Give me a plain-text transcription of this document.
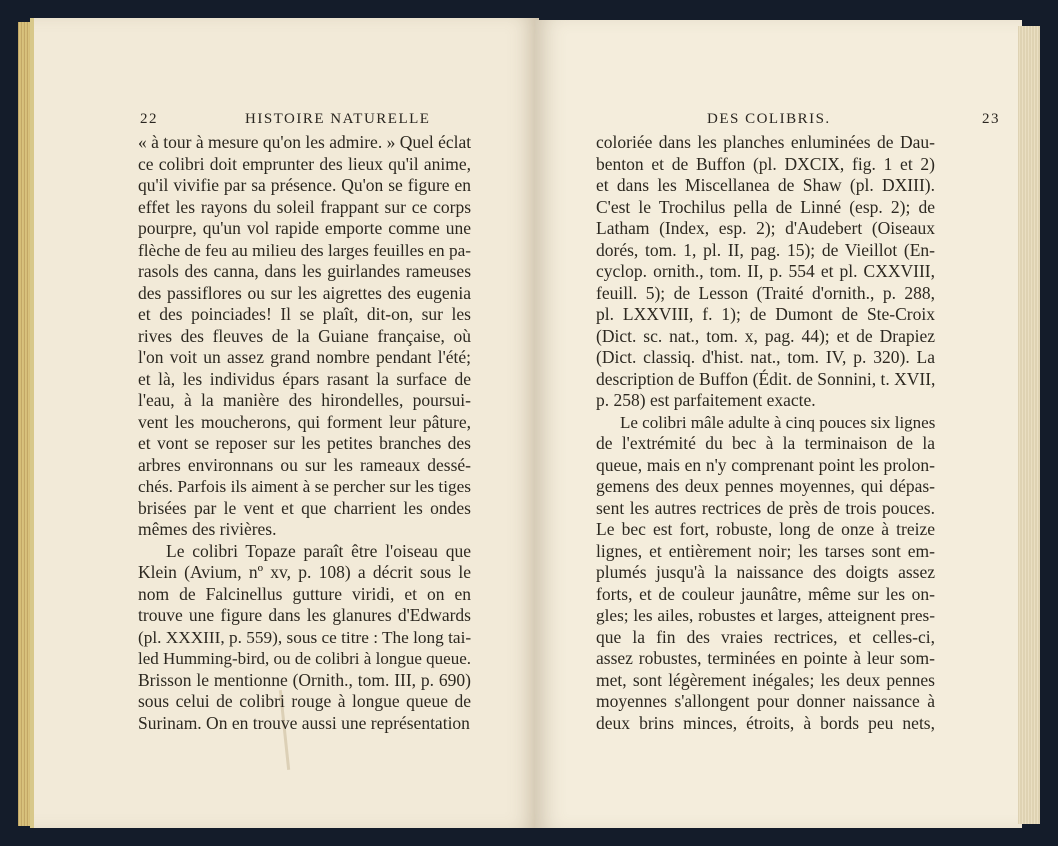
22	HISTOIRE NATURELLE	DES COLIBRIS.	23
« à tour à mesure qu'on les admire. » Quel éclat
ce colibri doit emprunter des lieux qu'il anime,
qu'il vivifie par sa présence. Qu'on se figure en
effet les rayons du soleil frappant sur ce corps
pourpre, qu'un vol rapide emporte comme une
flèche de feu au milieu des larges feuilles en pa-
rasols des canna, dans les guirlandes rameuses
des passiflores ou sur les aigrettes des eugenia
et des poinciades! Il se plaît, dit-on, sur les
rives des fleuves de la Guiane française, où
l'on voit un assez grand nombre pendant l'été;
et là, les individus épars rasant la surface de
l'eau, à la manière des hirondelles, poursui-
vent les moucherons, qui forment leur pâture,
et vont se reposer sur les petites branches des
arbres environnans ou sur les rameaux dessé-
chés. Parfois ils aiment à se percher sur les tiges
brisées par le vent et que charrient les ondes
mêmes des rivières.
Le colibri Topaze paraît être l'oiseau que
Klein (Avium, nº xv, p. 108) a décrit sous le
nom de Falcinellus gutture viridi, et on en
trouve une figure dans les glanures d'Edwards
(pl. XXXIII, p. 559), sous ce titre : The long tai-
led Humming-bird, ou de colibri à longue queue.
Brisson le mentionne (Ornith., tom. III, p. 690)
sous celui de colibri rouge à longue queue de
Surinam. On en trouve aussi une représentation
coloriée dans les planches enluminées de Dau-
benton et de Buffon (pl. DXCIX, fig. 1 et 2)
et dans les Miscellanea de Shaw (pl. DXIII).
C'est le Trochilus pella de Linné (esp. 2); de
Latham (Index, esp. 2); d'Audebert (Oiseaux
dorés, tom. 1, pl. II, pag. 15); de Vieillot (En-
cyclop. ornith., tom. II, p. 554 et pl. CXXVIII,
feuill. 5); de Lesson (Traité d'ornith., p. 288,
pl. LXXVIII, f. 1); de Dumont de Ste-Croix
(Dict. sc. nat., tom. x, pag. 44); et de Drapiez
(Dict. classiq. d'hist. nat., tom. IV, p. 320). La
description de Buffon (Édit. de Sonnini, t. XVII,
p. 258) est parfaitement exacte.
Le colibri mâle adulte à cinq pouces six lignes
de l'extrémité du bec à la terminaison de la
queue, mais en n'y comprenant point les prolon-
gemens des deux pennes moyennes, qui dépas-
sent les autres rectrices de près de trois pouces.
Le bec est fort, robuste, long de onze à treize
lignes, et entièrement noir; les tarses sont em-
plumés jusqu'à la naissance des doigts assez
forts, et de couleur jaunâtre, même sur les on-
gles; les ailes, robustes et larges, atteignent pres-
que la fin des vraies rectrices, et celles-ci,
assez robustes, terminées en pointe à leur som-
met, sont légèrement inégales; les deux pennes
moyennes s'allongent pour donner naissance à
deux brins minces, étroits, à bords peu nets,
